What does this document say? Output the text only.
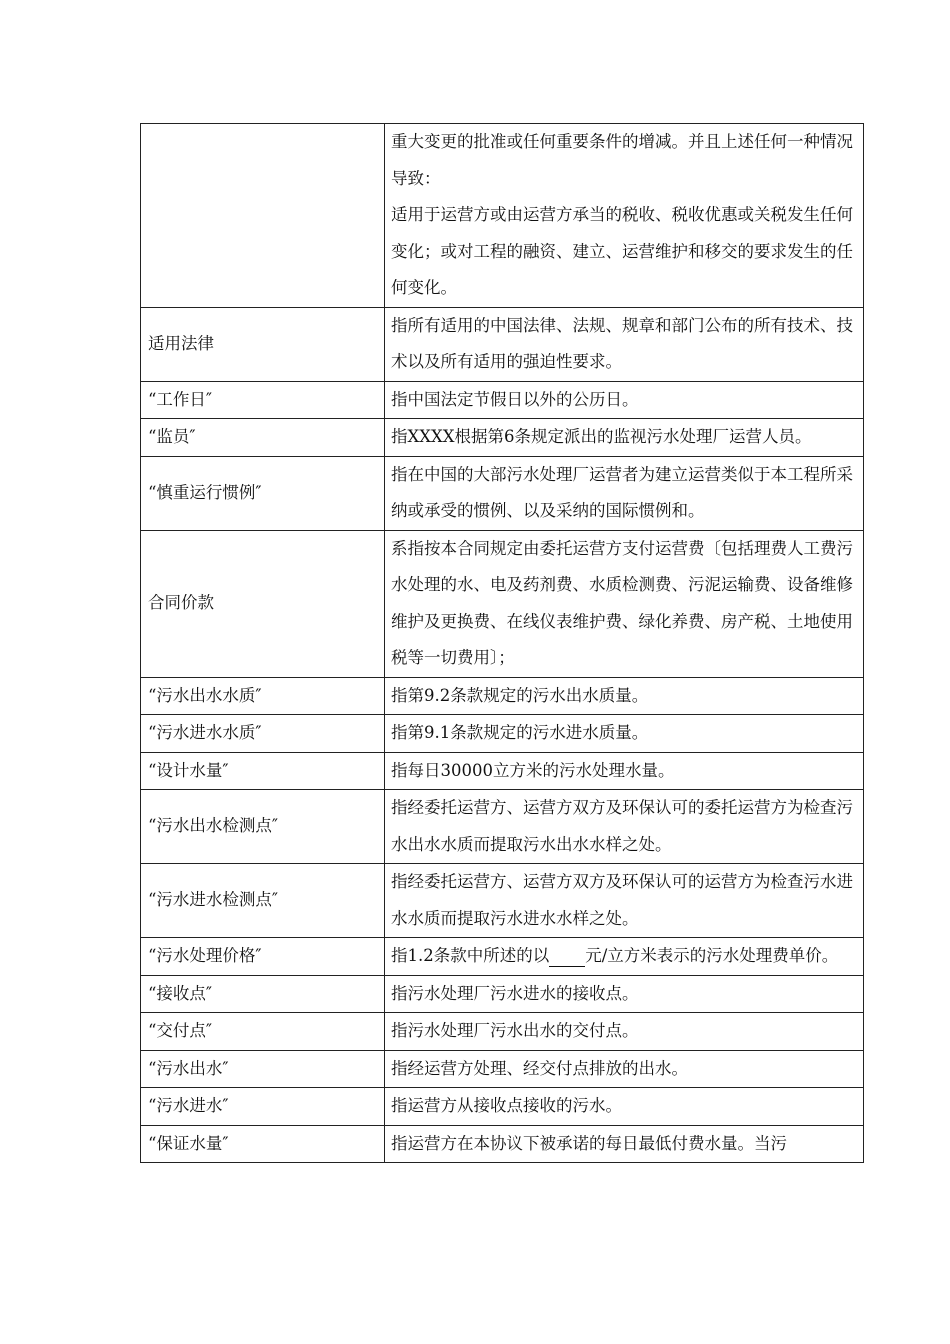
	重大变更的批准或任何重要条件的增减。并且上述任何一种情况导致：
适用于运营方或由运营方承当的税收、税收优惠或关税发生任何变化；或对工程的融资、建立、运营维护和移交的要求发生的任何变化。

适用法律	指所有适用的中国法律、法规、规章和部门公布的所有技术、技术以及所有适用的强迫性要求。
“工作日″	指中国法定节假日以外的公历日。
“监员″	指XXXX根据第6条规定派出的监视污水处理厂运营人员。
“慎重运行惯例″	指在中国的大部污水处理厂运营者为建立运营类似于本工程所采纳或承受的惯例、以及采纳的国际惯例和。
合同价款	系指按本合同规定由委托运营方支付运营费〔包括理费人工费污水处理的水、电及药剂费、水质检测费、污泥运输费、设备维修维护及更换费、在线仪表维护费、绿化养费、房产税、土地使用税等一切费用〕；
“污水出水水质″	指第9.2条款规定的污水出水质量。
“污水进水水质″	指第9.1条款规定的污水进水质量。
“设计水量″	指每日30000立方米的污水处理水量。
“污水出水检测点″	指经委托运营方、运营方双方及环保认可的委托运营方为检查污水出水水质而提取污水出水水样之处。
“污水进水检测点″	指经委托运营方、运营方双方及环保认可的运营方为检查污水进水水质而提取污水进水水样之处。
“污水处理价格″	指1.2条款中所述的以 元/立方米表示的污水处理费单价。
“接收点″	指污水处理厂污水进水的接收点。
“交付点″	指污水处理厂污水出水的交付点。
“污水出水″	指经运营方处理、经交付点排放的出水。
“污水进水″	指运营方从接收点接收的污水。
“保证水量″	指运营方在本协议下被承诺的每日最低付费水量。当污
